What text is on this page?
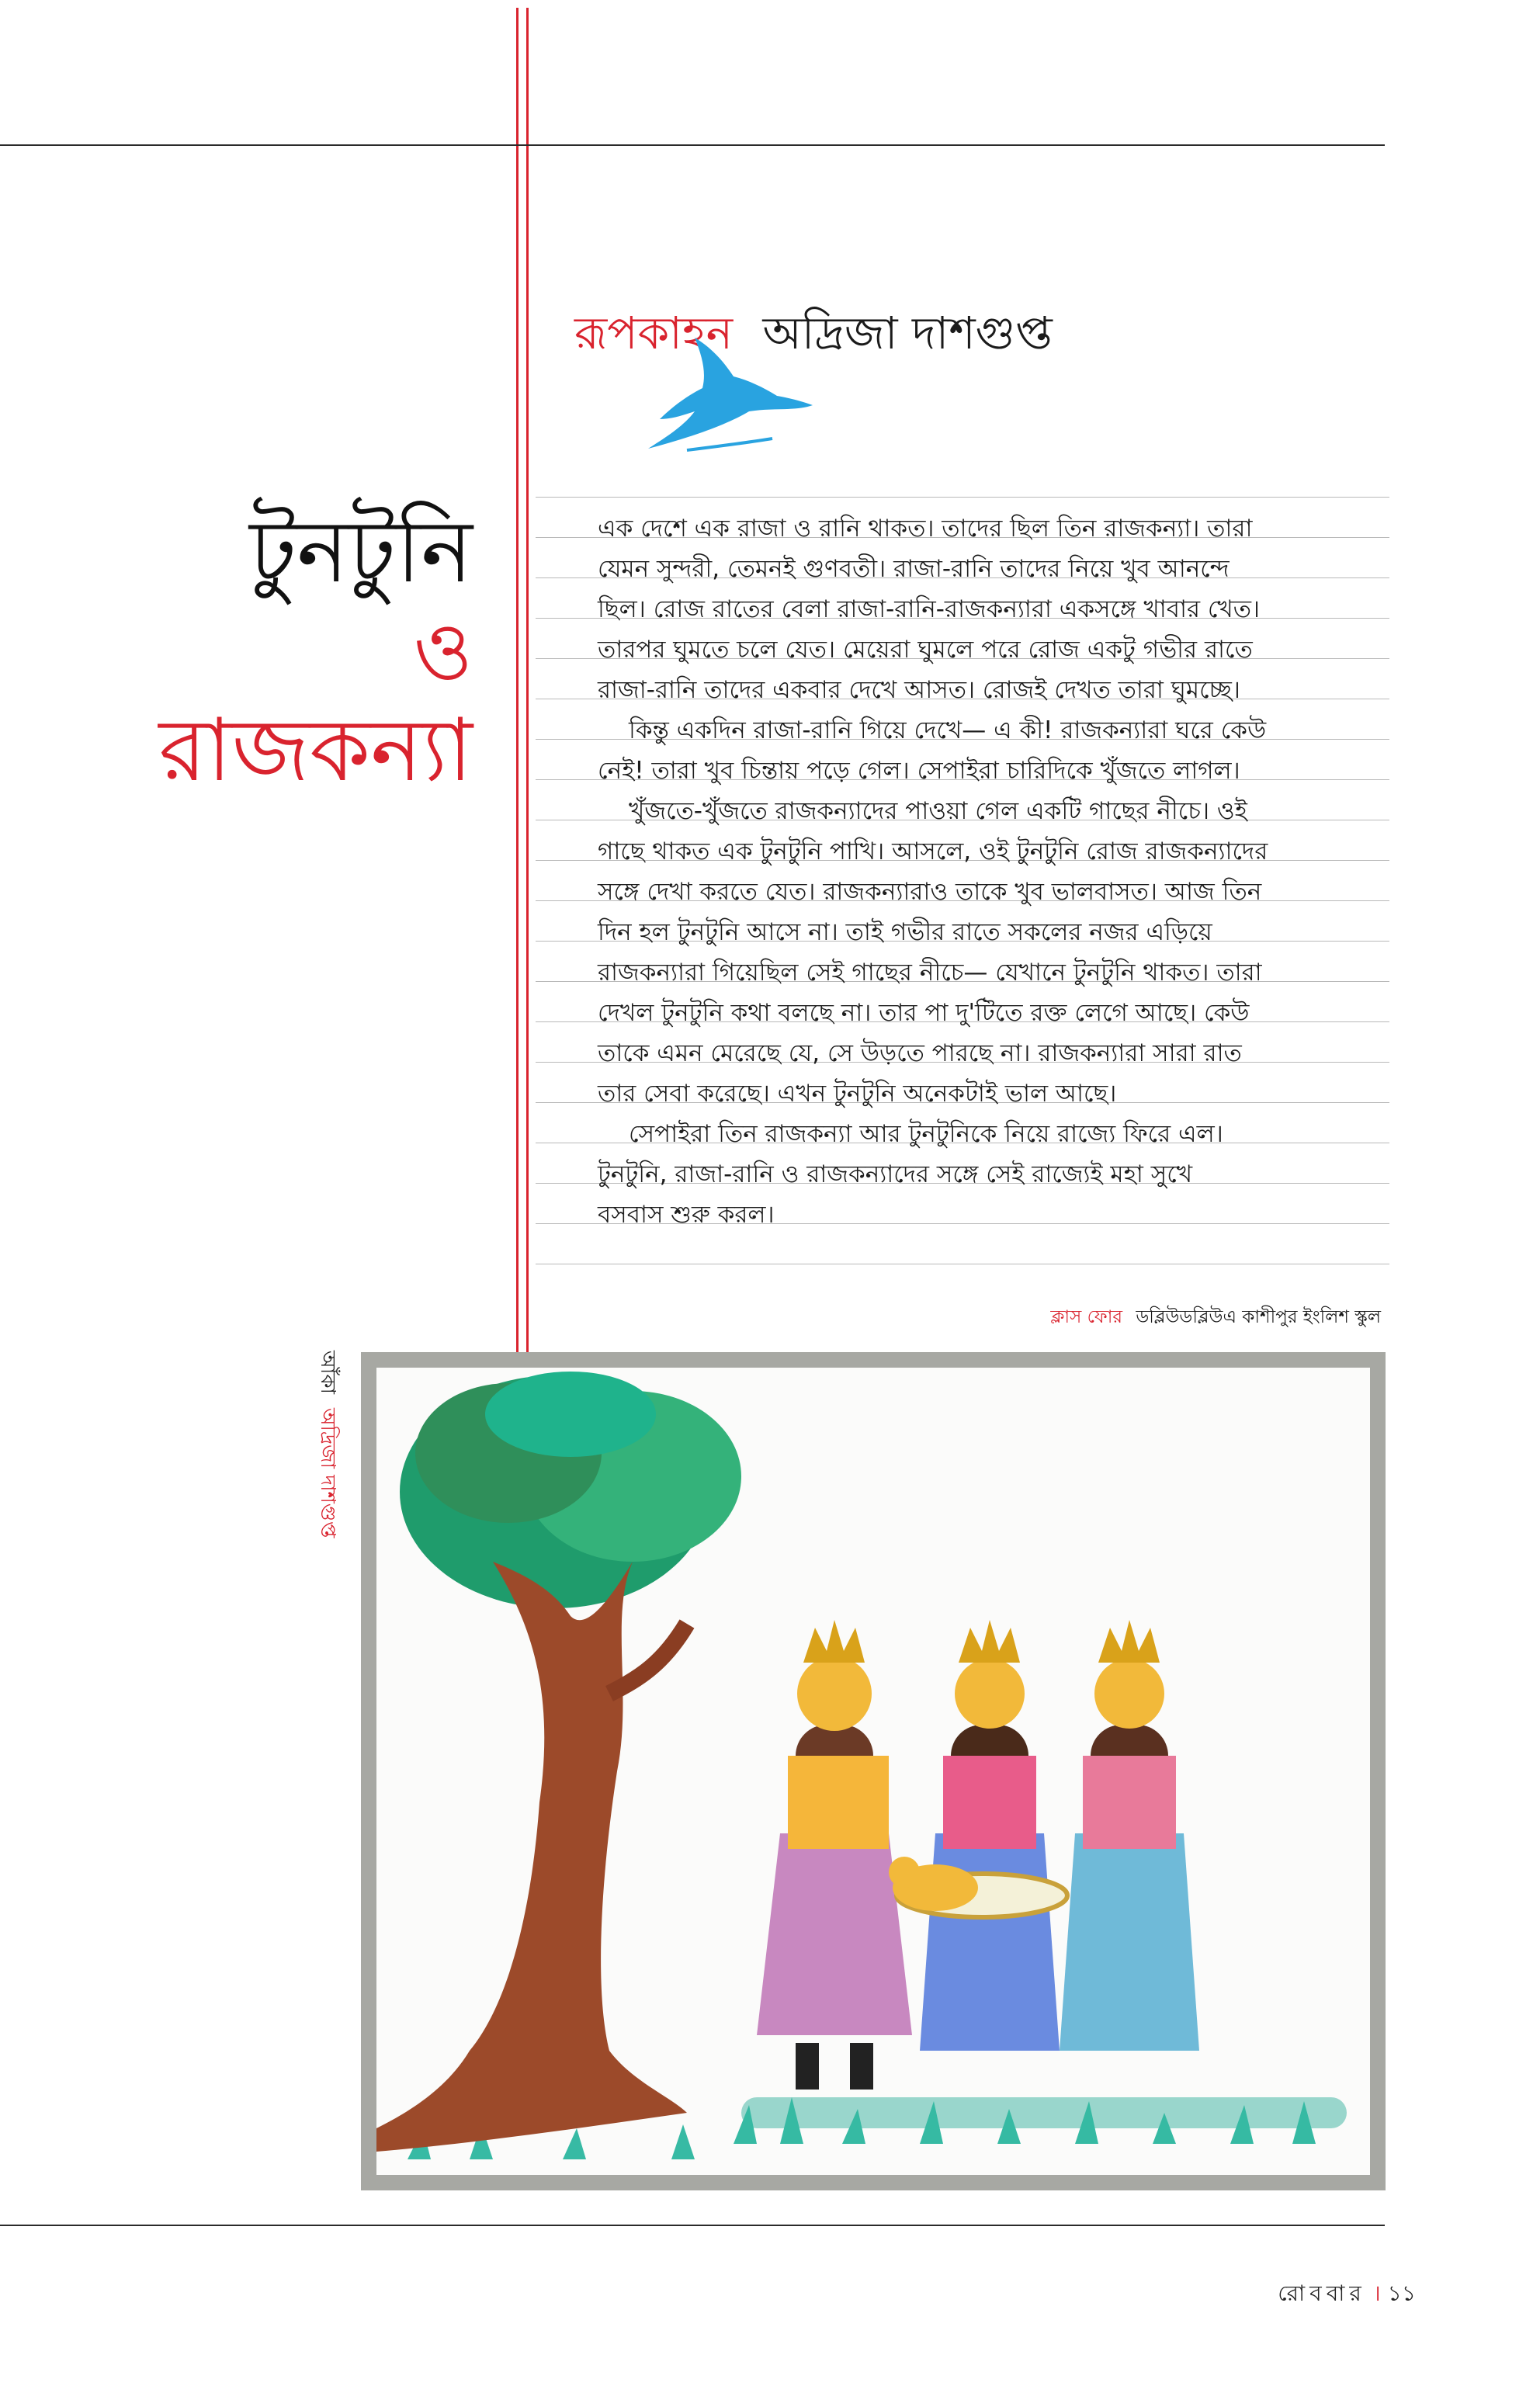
রূপকাহন অদ্রিজা দাশগুপ্ত
টুনটুনি
ও
রাজকন্যা

এক দেশে এক রাজা ও রানি থাকত। তাদের ছিল তিন রাজকন্যা। তারা

যেমন সুন্দরী, তেমনই গুণবতী। রাজা-রানি তাদের নিয়ে খুব আনন্দে

ছিল। রোজ রাতের বেলা রাজা-রানি-রাজকন্যারা একসঙ্গে খাবার খেত।

তারপর ঘুমতে চলে যেত। মেয়েরা ঘুমলে পরে রোজ একটু গভীর রাতে

রাজা-রানি তাদের একবার দেখে আসত। রোজই দেখত তারা ঘুমচ্ছে।

কিন্তু একদিন রাজা-রানি গিয়ে দেখে— এ কী! রাজকন্যারা ঘরে কেউ

নেই! তারা খুব চিন্তায় পড়ে গেল। সেপাইরা চারিদিকে খুঁজতে লাগল।

খুঁজতে-খুঁজতে রাজকন্যাদের পাওয়া গেল একটি গাছের নীচে। ওই

গাছে থাকত এক টুনটুনি পাখি। আসলে, ওই টুনটুনি রোজ রাজকন্যাদের

সঙ্গে দেখা করতে যেত। রাজকন্যারাও তাকে খুব ভালবাসত। আজ তিন

দিন হল টুনটুনি আসে না। তাই গভীর রাতে সকলের নজর এড়িয়ে

রাজকন্যারা গিয়েছিল সেই গাছের নীচে— যেখানে টুনটুনি থাকত। তারা

দেখল টুনটুনি কথা বলছে না। তার পা দু'টিতে রক্ত লেগে আছে। কেউ

তাকে এমন মেরেছে যে, সে উড়তে পারছে না। রাজকন্যারা সারা রাত

তার সেবা করেছে। এখন টুনটুনি অনেকটাই ভাল আছে।

সেপাইরা তিন রাজকন্যা আর টুনটুনিকে নিয়ে রাজ্যে ফিরে এল।

টুনটুনি, রাজা-রানি ও রাজকন্যাদের সঙ্গে সেই রাজ্যেই মহা সুখে

বসবাস শুরু করল।

ক্লাস ফোর ডব্লিউডব্লিউএ কাশীপুর ইংলিশ স্কুল
আঁকা অদ্রিজা দাশগুপ্ত
রোববার । ১১
